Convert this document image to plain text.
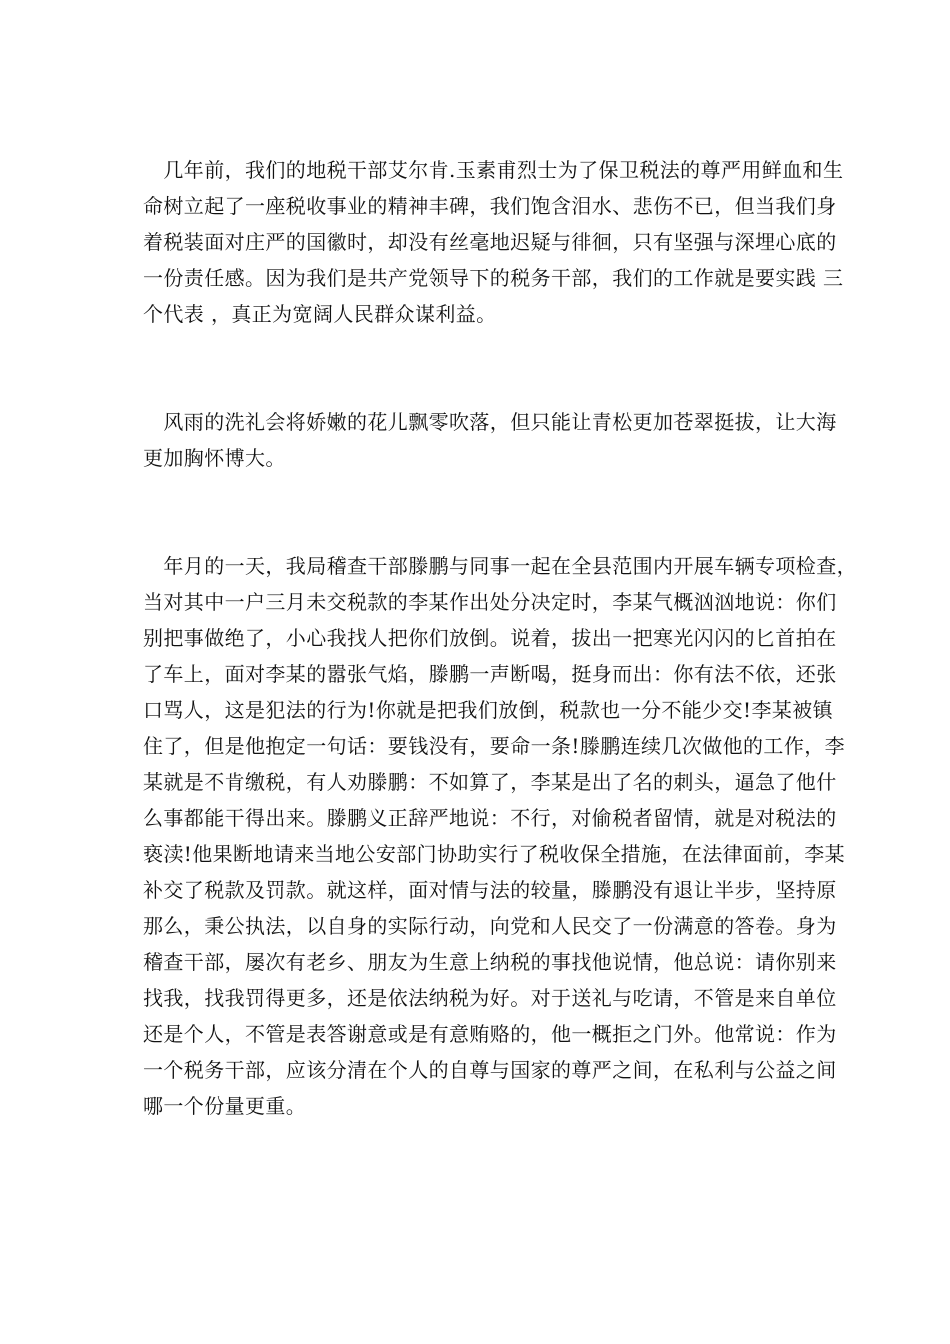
　几年前，我们的地税干部艾尔肯.玉素甫烈士为了保卫税法的尊严用鲜血和生
命树立起了一座税收事业的精神丰碑，我们饱含泪水、悲伤不已，但当我们身
着税装面对庄严的国徽时，却没有丝毫地迟疑与徘徊，只有坚强与深埋心底的
一份责任感。因为我们是共产党领导下的税务干部，我们的工作就是要实践 三
个代表 ，真正为宽阔人民群众谋利益。
　风雨的洗礼会将娇嫩的花儿飘零吹落，但只能让青松更加苍翠挺拔，让大海
更加胸怀博大。
　年月的一天，我局稽查干部滕鹏与同事一起在全县范围内开展车辆专项检查，
当对其中一户三月未交税款的李某作出处分决定时，李某气概汹汹地说：你们
别把事做绝了，小心我找人把你们放倒。说着，拔出一把寒光闪闪的匕首拍在
了车上，面对李某的嚣张气焰，滕鹏一声断喝，挺身而出：你有法不依，还张
口骂人，这是犯法的行为!你就是把我们放倒，税款也一分不能少交!李某被镇
住了，但是他抱定一句话：要钱没有，要命一条!滕鹏连续几次做他的工作，李
某就是不肯缴税，有人劝滕鹏：不如算了，李某是出了名的刺头，逼急了他什
么事都能干得出来。滕鹏义正辞严地说：不行，对偷税者留情，就是对税法的
亵渎!他果断地请来当地公安部门协助实行了税收保全措施，在法律面前，李某
补交了税款及罚款。就这样，面对情与法的较量，滕鹏没有退让半步，坚持原
那么，秉公执法，以自身的实际行动，向党和人民交了一份满意的答卷。身为
稽查干部，屡次有老乡、朋友为生意上纳税的事找他说情，他总说：请你别来
找我，找我罚得更多，还是依法纳税为好。对于送礼与吃请，不管是来自单位
还是个人，不管是表答谢意或是有意贿赂的，他一概拒之门外。他常说：作为
一个税务干部，应该分清在个人的自尊与国家的尊严之间，在私利与公益之间
哪一个份量更重。
